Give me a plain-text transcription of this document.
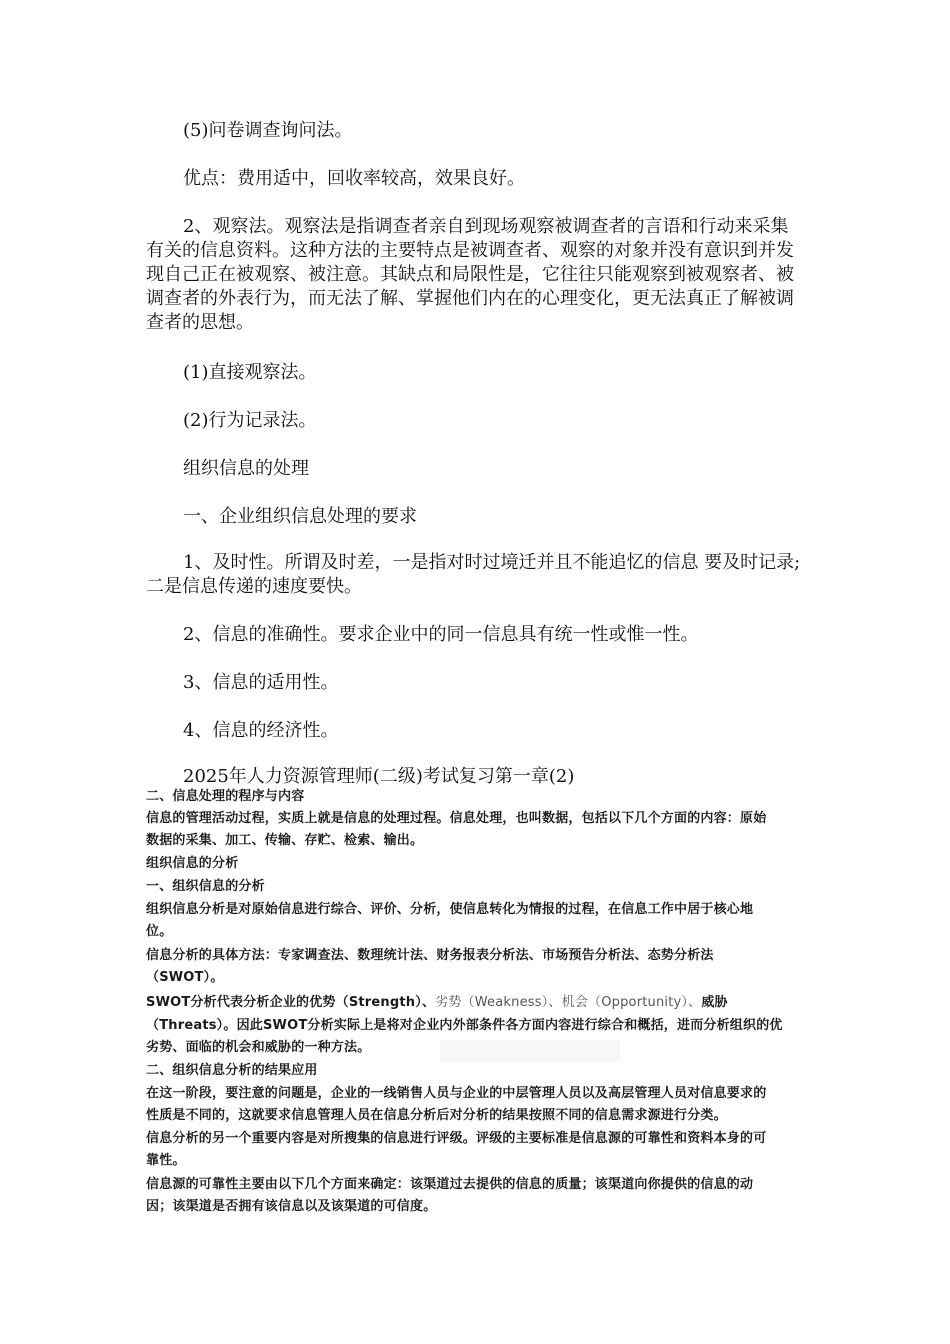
(5)问卷调查询问法。

优点：费用适中，回收率较高，效果良好。

2、观察法。观察法是指调查者亲自到现场观察被调查者的言语和行动来采集有关的信息资料。这种方法的主要特点是被调查者、观察的对象并没有意识到并发现自己正在被观察、被注意。其缺点和局限性是，它往往只能观察到被观察者、被调查者的外表行为，而无法了解、掌握他们内在的心理变化，更无法真正了解被调查者的思想。

(1)直接观察法。

(2)行为记录法。

组织信息的处理

一、企业组织信息处理的要求

1、及时性。所谓及时差，一是指对时过境迁并且不能追忆的信息 要及时记录;二是信息传递的速度要快。

2、信息的准确性。要求企业中的同一信息具有统一性或惟一性。

3、信息的适用性。

4、信息的经济性。

2025年人力资源管理师(二级)考试复习第一章(2)

二、信息处理的程序与内容

信息的管理活动过程，实质上就是信息的处理过程。信息处理，也叫数据，包括以下几个方面的内容：原始

数据的采集、加工、传输、存贮、检索、输出。

组织信息的分析

一、组织信息的分析

组织信息分析是对原始信息进行综合、评价、分析，使信息转化为情报的过程，在信息工作中居于核心地

位。

信息分析的具体方法：专家调查法、数理统计法、财务报表分析法、市场预告分析法、态势分析法

（SWOT）。

SWOT分析代表分析企业的优势（Strength）、劣势（Weakness）、机会（Opportunity）、威胁

（Threats）。因此SWOT分析实际上是将对企业内外部条件各方面内容进行综合和概括，进而分析组织的优

劣势、面临的机会和威胁的一种方法。

二、组织信息分析的结果应用

在这一阶段，要注意的问题是，企业的一线销售人员与企业的中层管理人员以及高层管理人员对信息要求的

性质是不同的，这就要求信息管理人员在信息分析后对分析的结果按照不同的信息需求源进行分类。

信息分析的另一个重要内容是对所搜集的信息进行评级。评级的主要标准是信息源的可靠性和资料本身的可

靠性。

信息源的可靠性主要由以下几个方面来确定：该渠道过去提供的信息的质量；该渠道向你提供的信息的动

因；该渠道是否拥有该信息以及该渠道的可信度。
